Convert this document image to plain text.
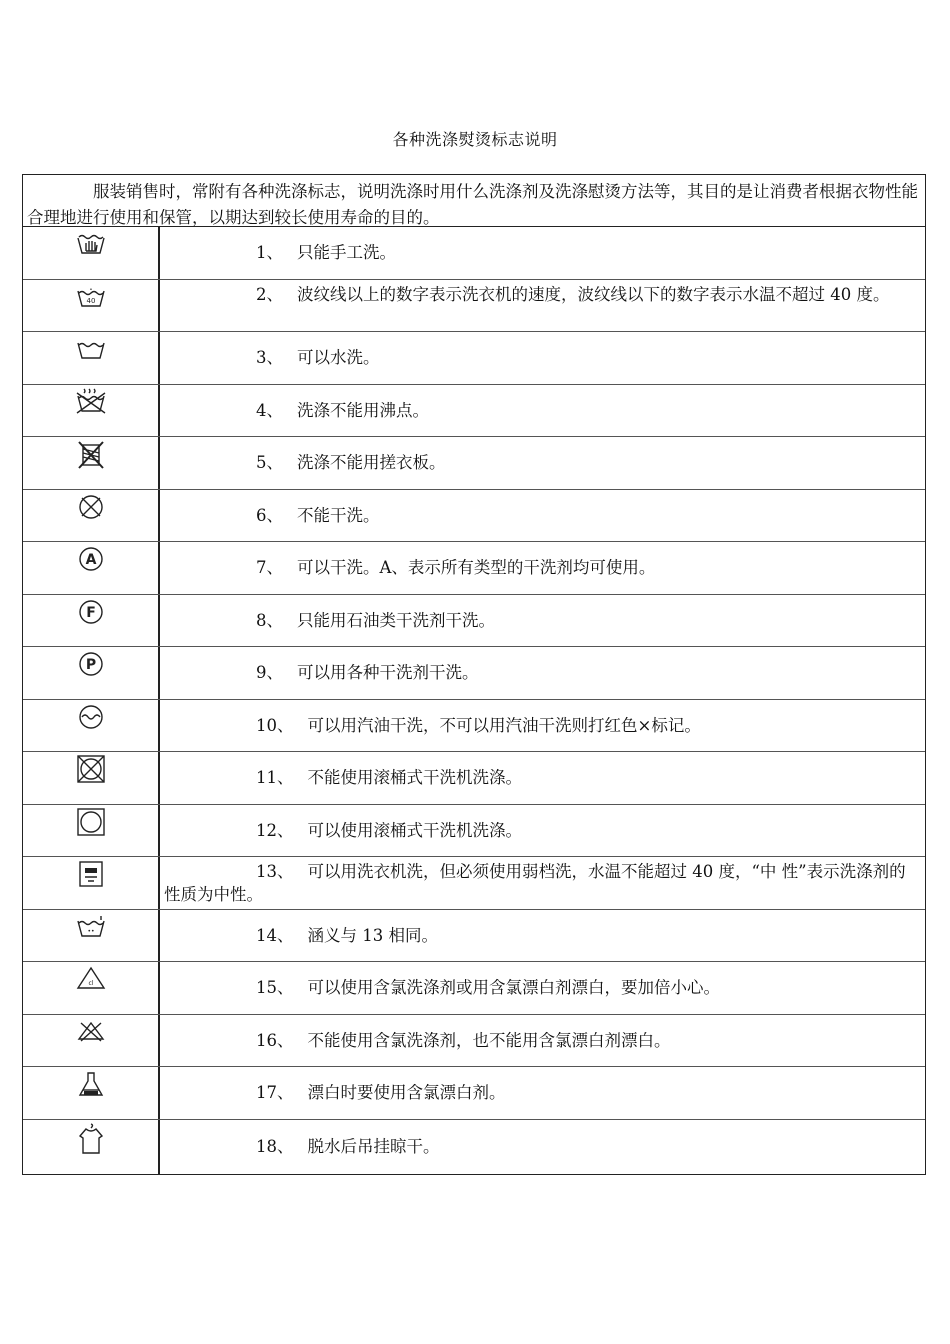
各种洗涤熨烫标志说明
服装销售时，常附有各种洗涤标志，说明洗涤时用什么洗涤剂及洗涤慰烫方法等，其目的是让消费者根据衣物性能合理地进行使用和保管，以期达到较长使用寿命的目的。
1、 只能手工洗。
40
•	2、 波纹线以上的数字表示洗衣机的速度，波纹线以下的数字表示水温不超过 40 度。
3、 可以水洗。
4、 洗涤不能用沸点。
5、 洗涤不能用搓衣板。
6、 不能干洗。
A	7、 可以干洗。A、表示所有类型的干洗剂均可使用。
F	8、 只能用石油类干洗剂干洗。
P	9、 可以用各种干洗剂干洗。
10、 可以用汽油干洗，不可以用汽油干洗则打红色×标记。
11、 不能使用滚桶式干洗机洗涤。
12、 可以使用滚桶式干洗机洗涤。
13、 可以用洗衣机洗，但必须使用弱档洗，水温不能超过 40 度，“中 性”表示洗涤剂的性质为中性。
••	14、 涵义与 13 相同。
cl	15、 可以使用含氯洗涤剂或用含氯漂白剂漂白，要加倍小心。
16、 不能使用含氯洗涤剂，也不能用含氯漂白剂漂白。
17、 漂白时要使用含氯漂白剂。
18、 脱水后吊挂晾干。
